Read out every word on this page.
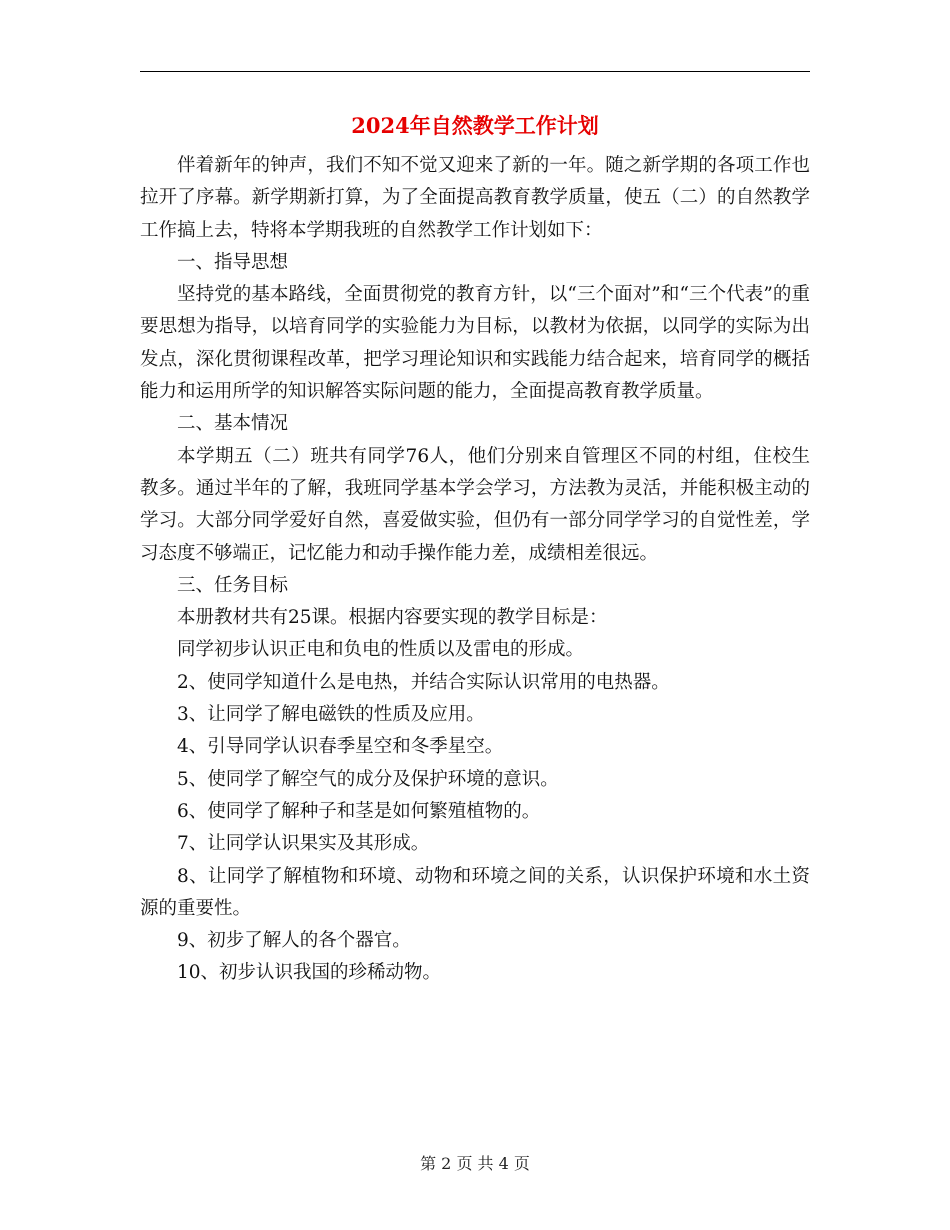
2024年自然教学工作计划

伴着新年的钟声，我们不知不觉又迎来了新的一年。随之新学期的各项工作也拉开了序幕。新学期新打算，为了全面提高教育教学质量，使五（二）的自然教学工作搞上去，特将本学期我班的自然教学工作计划如下：

一、指导思想

坚持党的基本路线，全面贯彻党的教育方针，以“三个面对”和“三个代表”的重要思想为指导，以培育同学的实验能力为目标，以教材为依据，以同学的实际为出发点，深化贯彻课程改革，把学习理论知识和实践能力结合起来，培育同学的概括能力和运用所学的知识解答实际问题的能力，全面提高教育教学质量。

二、基本情况

本学期五（二）班共有同学76人，他们分别来自管理区不同的村组，住校生教多。通过半年的了解，我班同学基本学会学习，方法教为灵活，并能积极主动的学习。大部分同学爱好自然，喜爱做实验，但仍有一部分同学学习的自觉性差，学习态度不够端正，记忆能力和动手操作能力差，成绩相差很远。

三、任务目标

本册教材共有25课。根据内容要实现的教学目标是：

同学初步认识正电和负电的性质以及雷电的形成。

2、使同学知道什么是电热，并结合实际认识常用的电热器。

3、让同学了解电磁铁的性质及应用。

4、引导同学认识春季星空和冬季星空。

5、使同学了解空气的成分及保护环境的意识。

6、使同学了解种子和茎是如何繁殖植物的。

7、让同学认识果实及其形成。

8、让同学了解植物和环境、动物和环境之间的关系，认识保护环境和水土资源的重要性。

9、初步了解人的各个器官。

10、初步认识我国的珍稀动物。

第 2 页 共 4 页
